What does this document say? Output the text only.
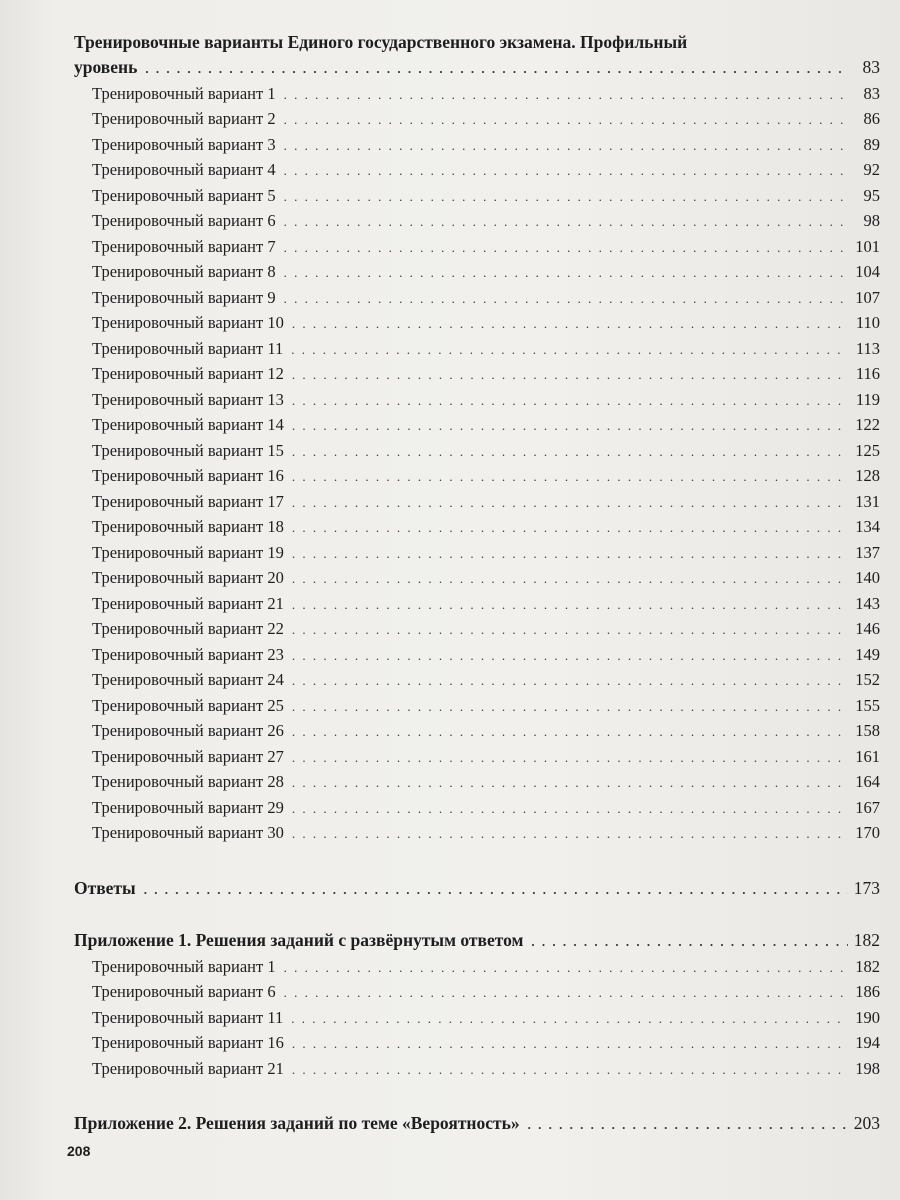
Тренировочные варианты Единого государственного экзамена. Профильный
уровень . . .	83
Тренировочный вариант 1 . . .	83
Тренировочный вариант 2 . . .	86
Тренировочный вариант 3 . . .	89
Тренировочный вариант 4 . . .	92
Тренировочный вариант 5 . . .	95
Тренировочный вариант 6 . . .	98
Тренировочный вариант 7 . . .	101
Тренировочный вариант 8 . . .	104
Тренировочный вариант 9 . . .	107
Тренировочный вариант 10 . . .	110
Тренировочный вариант 11 . . .	113
Тренировочный вариант 12 . . .	116
Тренировочный вариант 13 . . .	119
Тренировочный вариант 14 . . .	122
Тренировочный вариант 15 . . .	125
Тренировочный вариант 16 . . .	128
Тренировочный вариант 17 . . .	131
Тренировочный вариант 18 . . .	134
Тренировочный вариант 19 . . .	137
Тренировочный вариант 20 . . .	140
Тренировочный вариант 21 . . .	143
Тренировочный вариант 22 . . .	146
Тренировочный вариант 23 . . .	149
Тренировочный вариант 24 . . .	152
Тренировочный вариант 25 . . .	155
Тренировочный вариант 26 . . .	158
Тренировочный вариант 27 . . .	161
Тренировочный вариант 28 . . .	164
Тренировочный вариант 29 . . .	167
Тренировочный вариант 30 . . .	170
Ответы . . .	173
Приложение 1. Решения заданий с развёрнутым ответом . . .	182
Тренировочный вариант 1 . . .	182
Тренировочный вариант 6 . . .	186
Тренировочный вариант 11 . . .	190
Тренировочный вариант 16 . . .	194
Тренировочный вариант 21 . . .	198
Приложение 2. Решения заданий по теме «Вероятность» . . .	203
208
